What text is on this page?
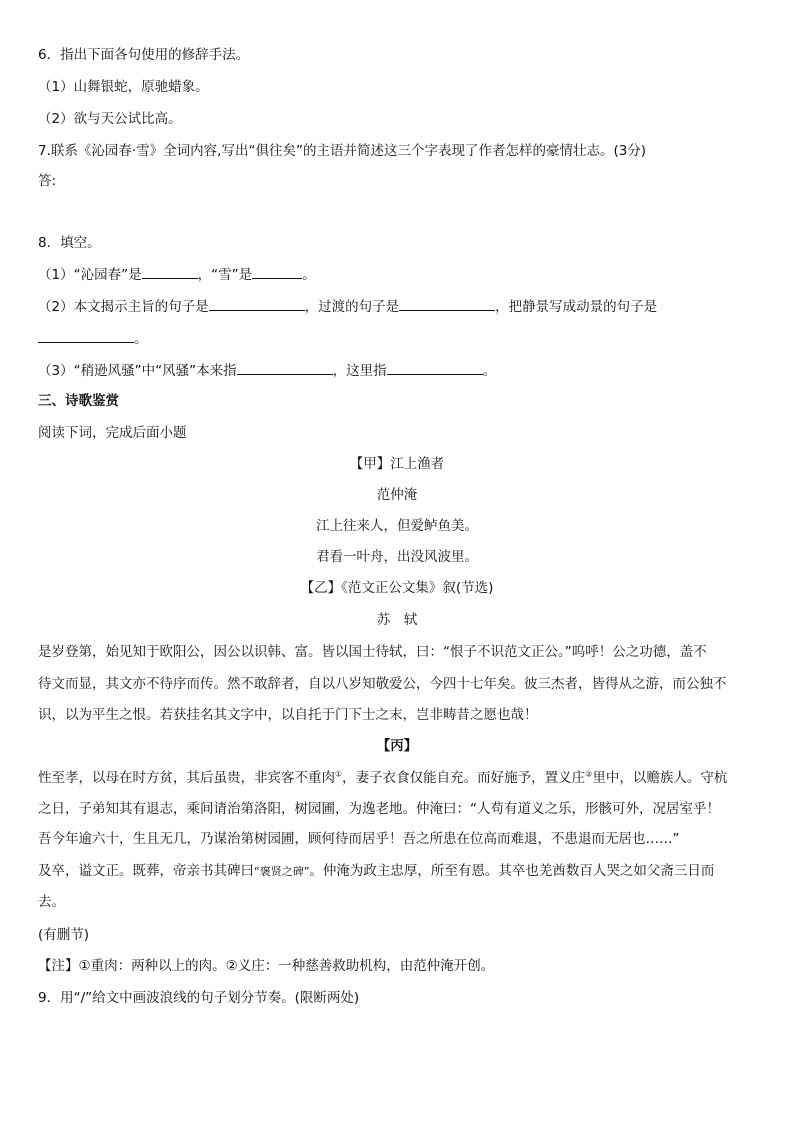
6．指出下面各句使用的修辞手法。
（1）山舞银蛇，原驰蜡象。
（2）欲与天公试比高。
7.联系《沁园春·雪》全词内容,写出“俱往矣”的主语并简述这三个字表现了作者怎样的豪情壮志。(3分)
答:
8．填空。
（1）“沁园春”是	，“雪”是	。
（2）本文揭示主旨的句子是	，过渡的句子是	，把静景写成动景的句子是
。
（3）“稍逊风骚”中“风骚”本来指	，这里指	。
三、诗歌鉴赏
阅读下词，完成后面小题
【甲】江上渔者
范仲淹
江上往来人，但爱鲈鱼美。
君看一叶舟，出没风波里。
【乙】《范文正公文集》叙(节选)
苏　轼
是岁登第，始见知于欧阳公，因公以识韩、富。皆以国士待轼，曰：“恨子不识范文正公。”呜呼！公之功德，盖不
待文而显，其文亦不待序而传。然不敢辞者，自以八岁知敬爱公，今四十七年矣。彼三杰者，皆得从之游，而公独不
识，以为平生之恨。若获挂名其文字中，以自托于门下士之末，岂非畴昔之愿也哉！
【丙】
性至孝，以母在时方贫，其后虽贵，非宾客不重肉①，妻子衣食仅能自充。而好施予，置义庄②里中，以赡族人。守杭
之日，子弟知其有退志，乘间请治第洛阳，树园圃，为逸老地。仲淹曰：“人苟有道义之乐，形骸可外，况居室乎！
吾今年逾六十，生且无几，乃谋治第树园圃，顾何待而居乎！吾之所患在位高而难退，不患退而无居也……”
及卒，谥文正。既葬，帝亲书其碑曰“褒贤之碑”。仲淹为政主忠厚，所至有恩。其卒也羌酋数百人哭之如父斋三日而
去。
(有删节)
【注】①重肉：两种以上的肉。②义庄：一种慈善救助机构，由范仲淹开创。
9．用“/”给文中画波浪线的句子划分节奏。(限断两处)
